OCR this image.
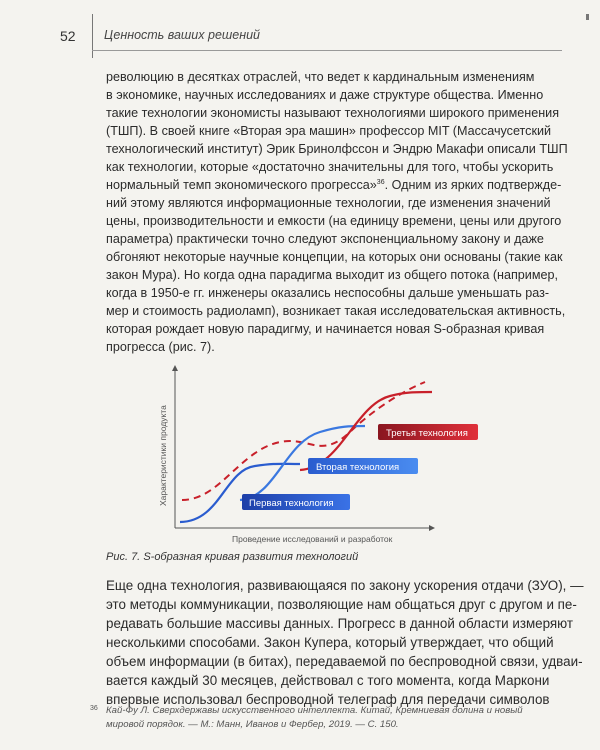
52 Ценность ваших решений
революцию в десятках отраслей, что ведет к кардинальным изменениям
в экономике, научных исследованиях и даже структуре общества. Именно
такие технологии экономисты называют технологиями широкого применения
(ТШП). В своей книге «Вторая эра машин» профессор MIT (Массачусетский
технологический институт) Эрик Бринолфссон и Эндрю Макафи описали ТШП
как технологии, которые «достаточно значительны для того, чтобы ускорить
нормальный темп экономического прогресса»$^{36}$. Одним из ярких подтвержде-
ний этому являются информационные технологии, где изменения значений
цены, производительности и емкости (на единицу времени, цены или другого
параметра) практически точно следуют экспоненциальному закону и даже
обгоняют некоторые научные концепции, на которых они основаны (такие как
закон Мура). Но когда одна парадигма выходит из общего потока (например,
когда в 1950-е гг. инженеры оказались неспособны дальше уменьшать раз-
мер и стоимость радиоламп), возникает такая исследовательская активность,
которая рождает новую парадигму, и начинается новая S-образная кривая
прогресса (рис. 7).
Первая технология
Вторая технология
Третья технология
Характеристики продукта
Проведение исследований и разработок
Рис. 7. S-образная кривая развития технологий
Еще одна технология, развивающаяся по закону ускорения отдачи (ЗУО), —
это методы коммуникации, позволяющие нам общаться друг с другом и пе-
редавать большие массивы данных. Прогресс в данной области измеряют
несколькими способами. Закон Купера, который утверждает, что общий
объем информации (в битах), передаваемой по беспроводной связи, удваи-
вается каждый 30 месяцев, действовал с того момента, когда Маркони
впервые использовал беспроводной телеграф для передачи символов
36 Кай-Фу Л. Сверхдержавы искусственного интеллекта. Китай, Кремниевая долина и новый
мировой порядок. — М.: Манн, Иванов и Фербер, 2019. — С. 150.
